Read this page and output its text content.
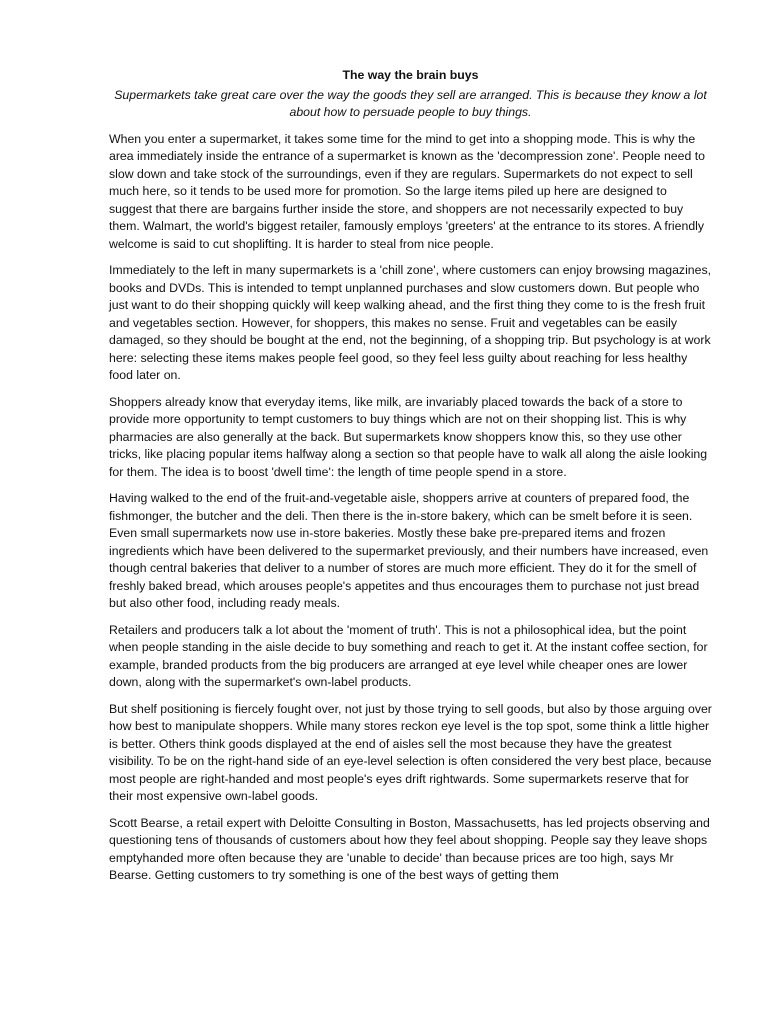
The way the brain buys
Supermarkets take great care over the way the goods they sell are arranged. This is because they know a lot about how to persuade people to buy things.

When you enter a supermarket, it takes some time for the mind to get into a shopping mode. This is why the area immediately inside the entrance of a supermarket is known as the 'decompression zone'. People need to slow down and take stock of the surroundings, even if they are regulars. Supermarkets do not expect to sell much here, so it tends to be used more for promotion. So the large items piled up here are designed to suggest that there are bargains further inside the store, and shoppers are not necessarily expected to buy them. Walmart, the world's biggest retailer, famously employs 'greeters' at the entrance to its stores. A friendly welcome is said to cut shoplifting. It is harder to steal from nice people.

Immediately to the left in many supermarkets is a 'chill zone', where customers can enjoy browsing magazines, books and DVDs. This is intended to tempt unplanned purchases and slow customers down. But people who just want to do their shopping quickly will keep walking ahead, and the first thing they come to is the fresh fruit and vegetables section. However, for shoppers, this makes no sense. Fruit and vegetables can be easily damaged, so they should be bought at the end, not the beginning, of a shopping trip. But psychology is at work here: selecting these items makes people feel good, so they feel less guilty about reaching for less healthy food later on.

Shoppers already know that everyday items, like milk, are invariably placed towards the back of a store to provide more opportunity to tempt customers to buy things which are not on their shopping list. This is why pharmacies are also generally at the back. But supermarkets know shoppers know this, so they use other tricks, like placing popular items halfway along a section so that people have to walk all along the aisle looking for them. The idea is to boost 'dwell time': the length of time people spend in a store.

Having walked to the end of the fruit-and-vegetable aisle, shoppers arrive at counters of prepared food, the fishmonger, the butcher and the deli. Then there is the in-store bakery, which can be smelt before it is seen. Even small supermarkets now use in-store bakeries. Mostly these bake pre-prepared items and frozen ingredients which have been delivered to the supermarket previously, and their numbers have increased, even though central bakeries that deliver to a number of stores are much more efficient. They do it for the smell of freshly baked bread, which arouses people's appetites and thus encourages them to purchase not just bread but also other food, including ready meals.

Retailers and producers talk a lot about the 'moment of truth'. This is not a philosophical idea, but the point when people standing in the aisle decide to buy something and reach to get it. At the instant coffee section, for example, branded products from the big producers are arranged at eye level while cheaper ones are lower down, along with the supermarket's own-label products.

But shelf positioning is fiercely fought over, not just by those trying to sell goods, but also by those arguing over how best to manipulate shoppers. While many stores reckon eye level is the top spot, some think a little higher is better. Others think goods displayed at the end of aisles sell the most because they have the greatest visibility. To be on the right-hand side of an eye-level selection is often considered the very best place, because most people are right-handed and most people's eyes drift rightwards. Some supermarkets reserve that for their most expensive own-label goods.

Scott Bearse, a retail expert with Deloitte Consulting in Boston, Massachusetts, has led projects observing and questioning tens of thousands of customers about how they feel about shopping. People say they leave shops emptyhanded more often because they are 'unable to decide' than because prices are too high, says Mr Bearse. Getting customers to try something is one of the best ways of getting them
